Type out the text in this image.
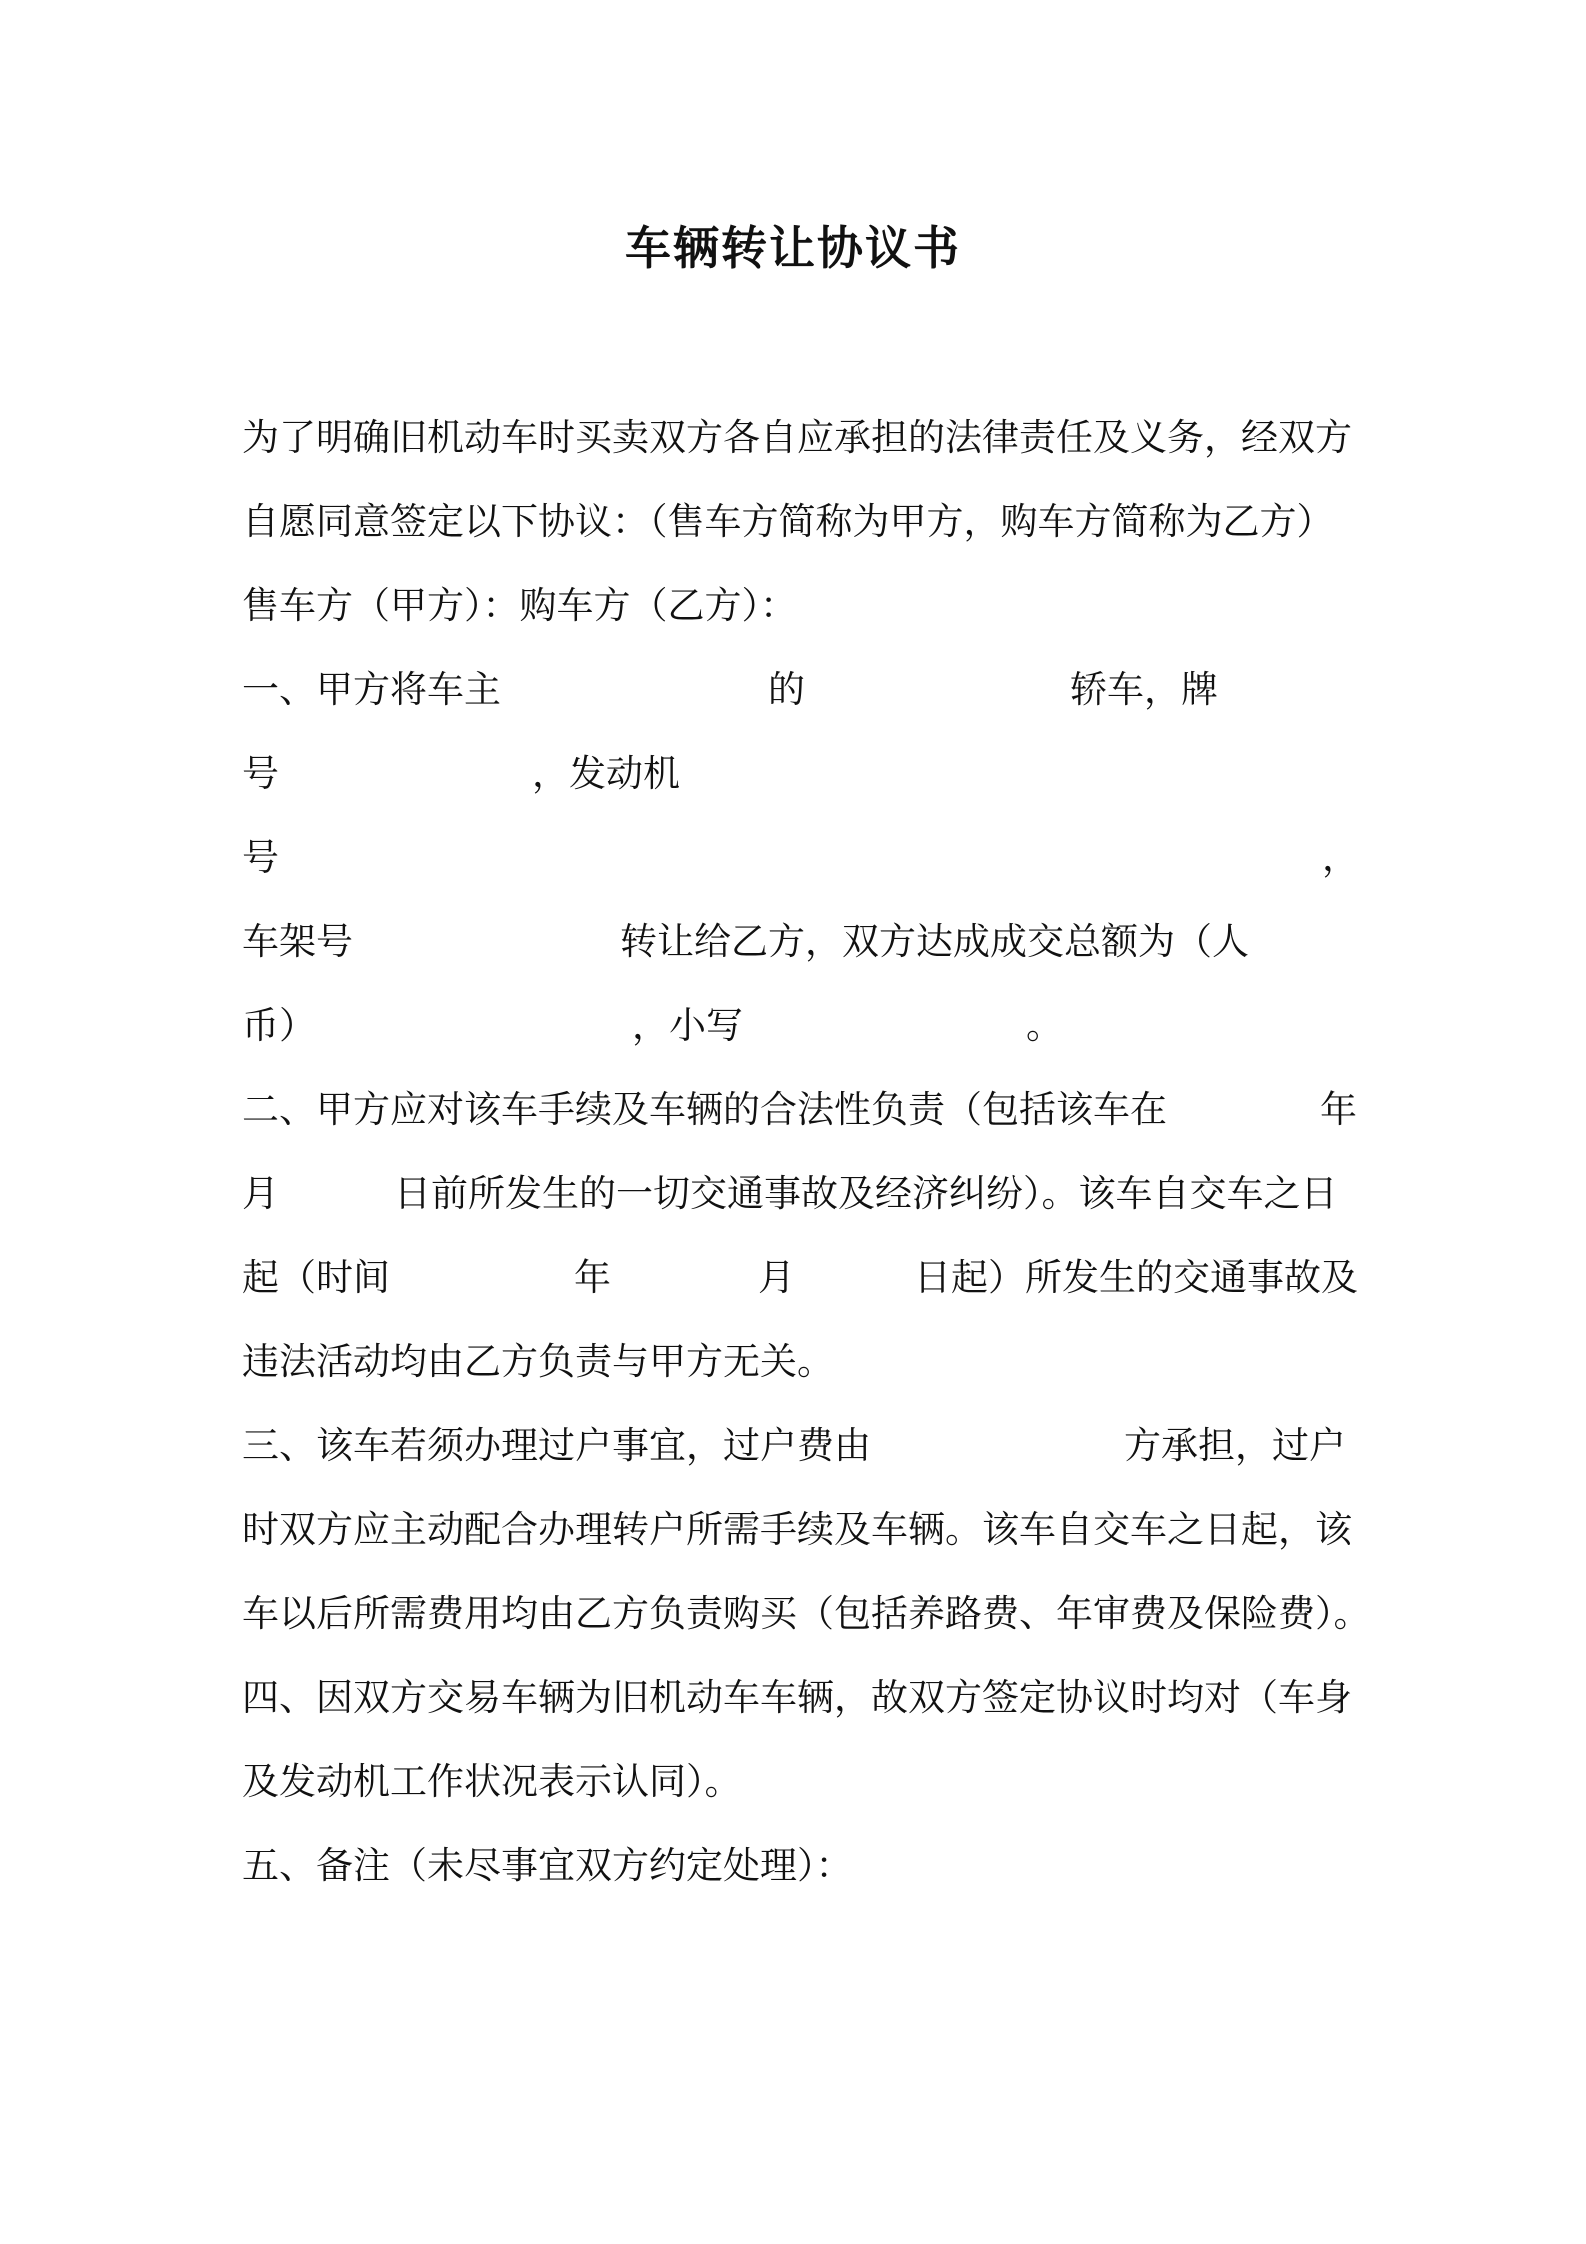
车辆转让协议书
为了明确旧机动车时买卖双方各自应承担的法律责任及义务，经双方
自愿同意签定以下协议：（售车方简称为甲方，购车方简称为乙方）
售车方（甲方）：购车方（乙方）：
一、甲方将车主	的	轿车，牌
号	，发动机
号	，
车架号	转让给乙方，双方达成成交总额为（人
币）	，小写	。
二、甲方应对该车手续及车辆的合法性负责（包括该车在	年
月	日前所发生的一切交通事故及经济纠纷）。该车自交车之日
起（时间	年	月	日起）所发生的交通事故及
违法活动均由乙方负责与甲方无关。
三、该车若须办理过户事宜，过户费由	方承担，过户
时双方应主动配合办理转户所需手续及车辆。该车自交车之日起，该
车以后所需费用均由乙方负责购买（包括养路费、年审费及保险费）。
四、因双方交易车辆为旧机动车车辆，故双方签定协议时均对（车身
及发动机工作状况表示认同）。
五、备注（未尽事宜双方约定处理）：
